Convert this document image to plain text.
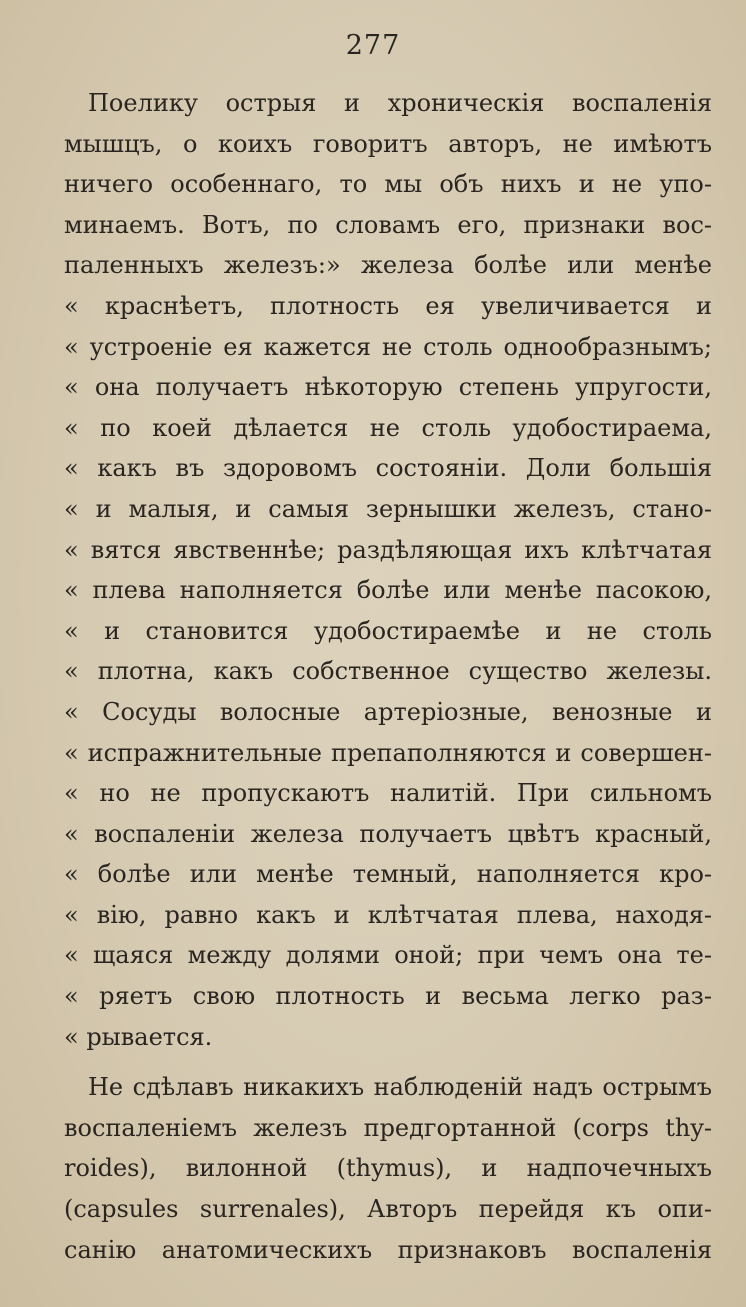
277
Поелику острыя и хроническія воспаленія
мышцъ, о коихъ говоритъ авторъ, не имѣютъ
ничего особеннаго, то мы объ нихъ и не упо-
минаемъ. Вотъ, по словамъ его, признаки вос-
паленныхъ железъ:» железа болѣе или менѣе
« краснѣетъ, плотность ея увеличивается и
« устроеніе ея кажется не столь однообразнымъ;
« она получаетъ нѣкоторую степень упругости,
« по коей дѣлается не столь удобостираема,
« какъ въ здоровомъ состояніи. Доли большія
« и малыя, и самыя зернышки железъ, стано-
« вятся явственнѣе; раздѣляющая ихъ клѣтчатая
« плева наполняется болѣе или менѣе пасокою,
« и становится удобостираемѣе и не столь
« плотна, какъ собственное существо железы.
« Сосуды волосные артеріозные, венозные и
« испражнительные препаполняются и совершен-
« но не пропускаютъ налитій. При сильномъ
« воспаленіи железа получаетъ цвѣтъ красный,
« болѣе или менѣе темный, наполняется кро-
« вію, равно какъ и клѣтчатая плева, находя-
« щаяся между долями оной; при чемъ она те-
« ряетъ свою плотность и весьма легко раз-
« рывается.
Не сдѣлавъ никакихъ наблюденій надъ острымъ
воспаленіемъ железъ предгортанной (corps thy-
roides), вилонной (thymus), и надпочечныхъ
(capsules surrenales), Авторъ перейдя къ опи-
санію анатомическихъ признаковъ воспаленія
